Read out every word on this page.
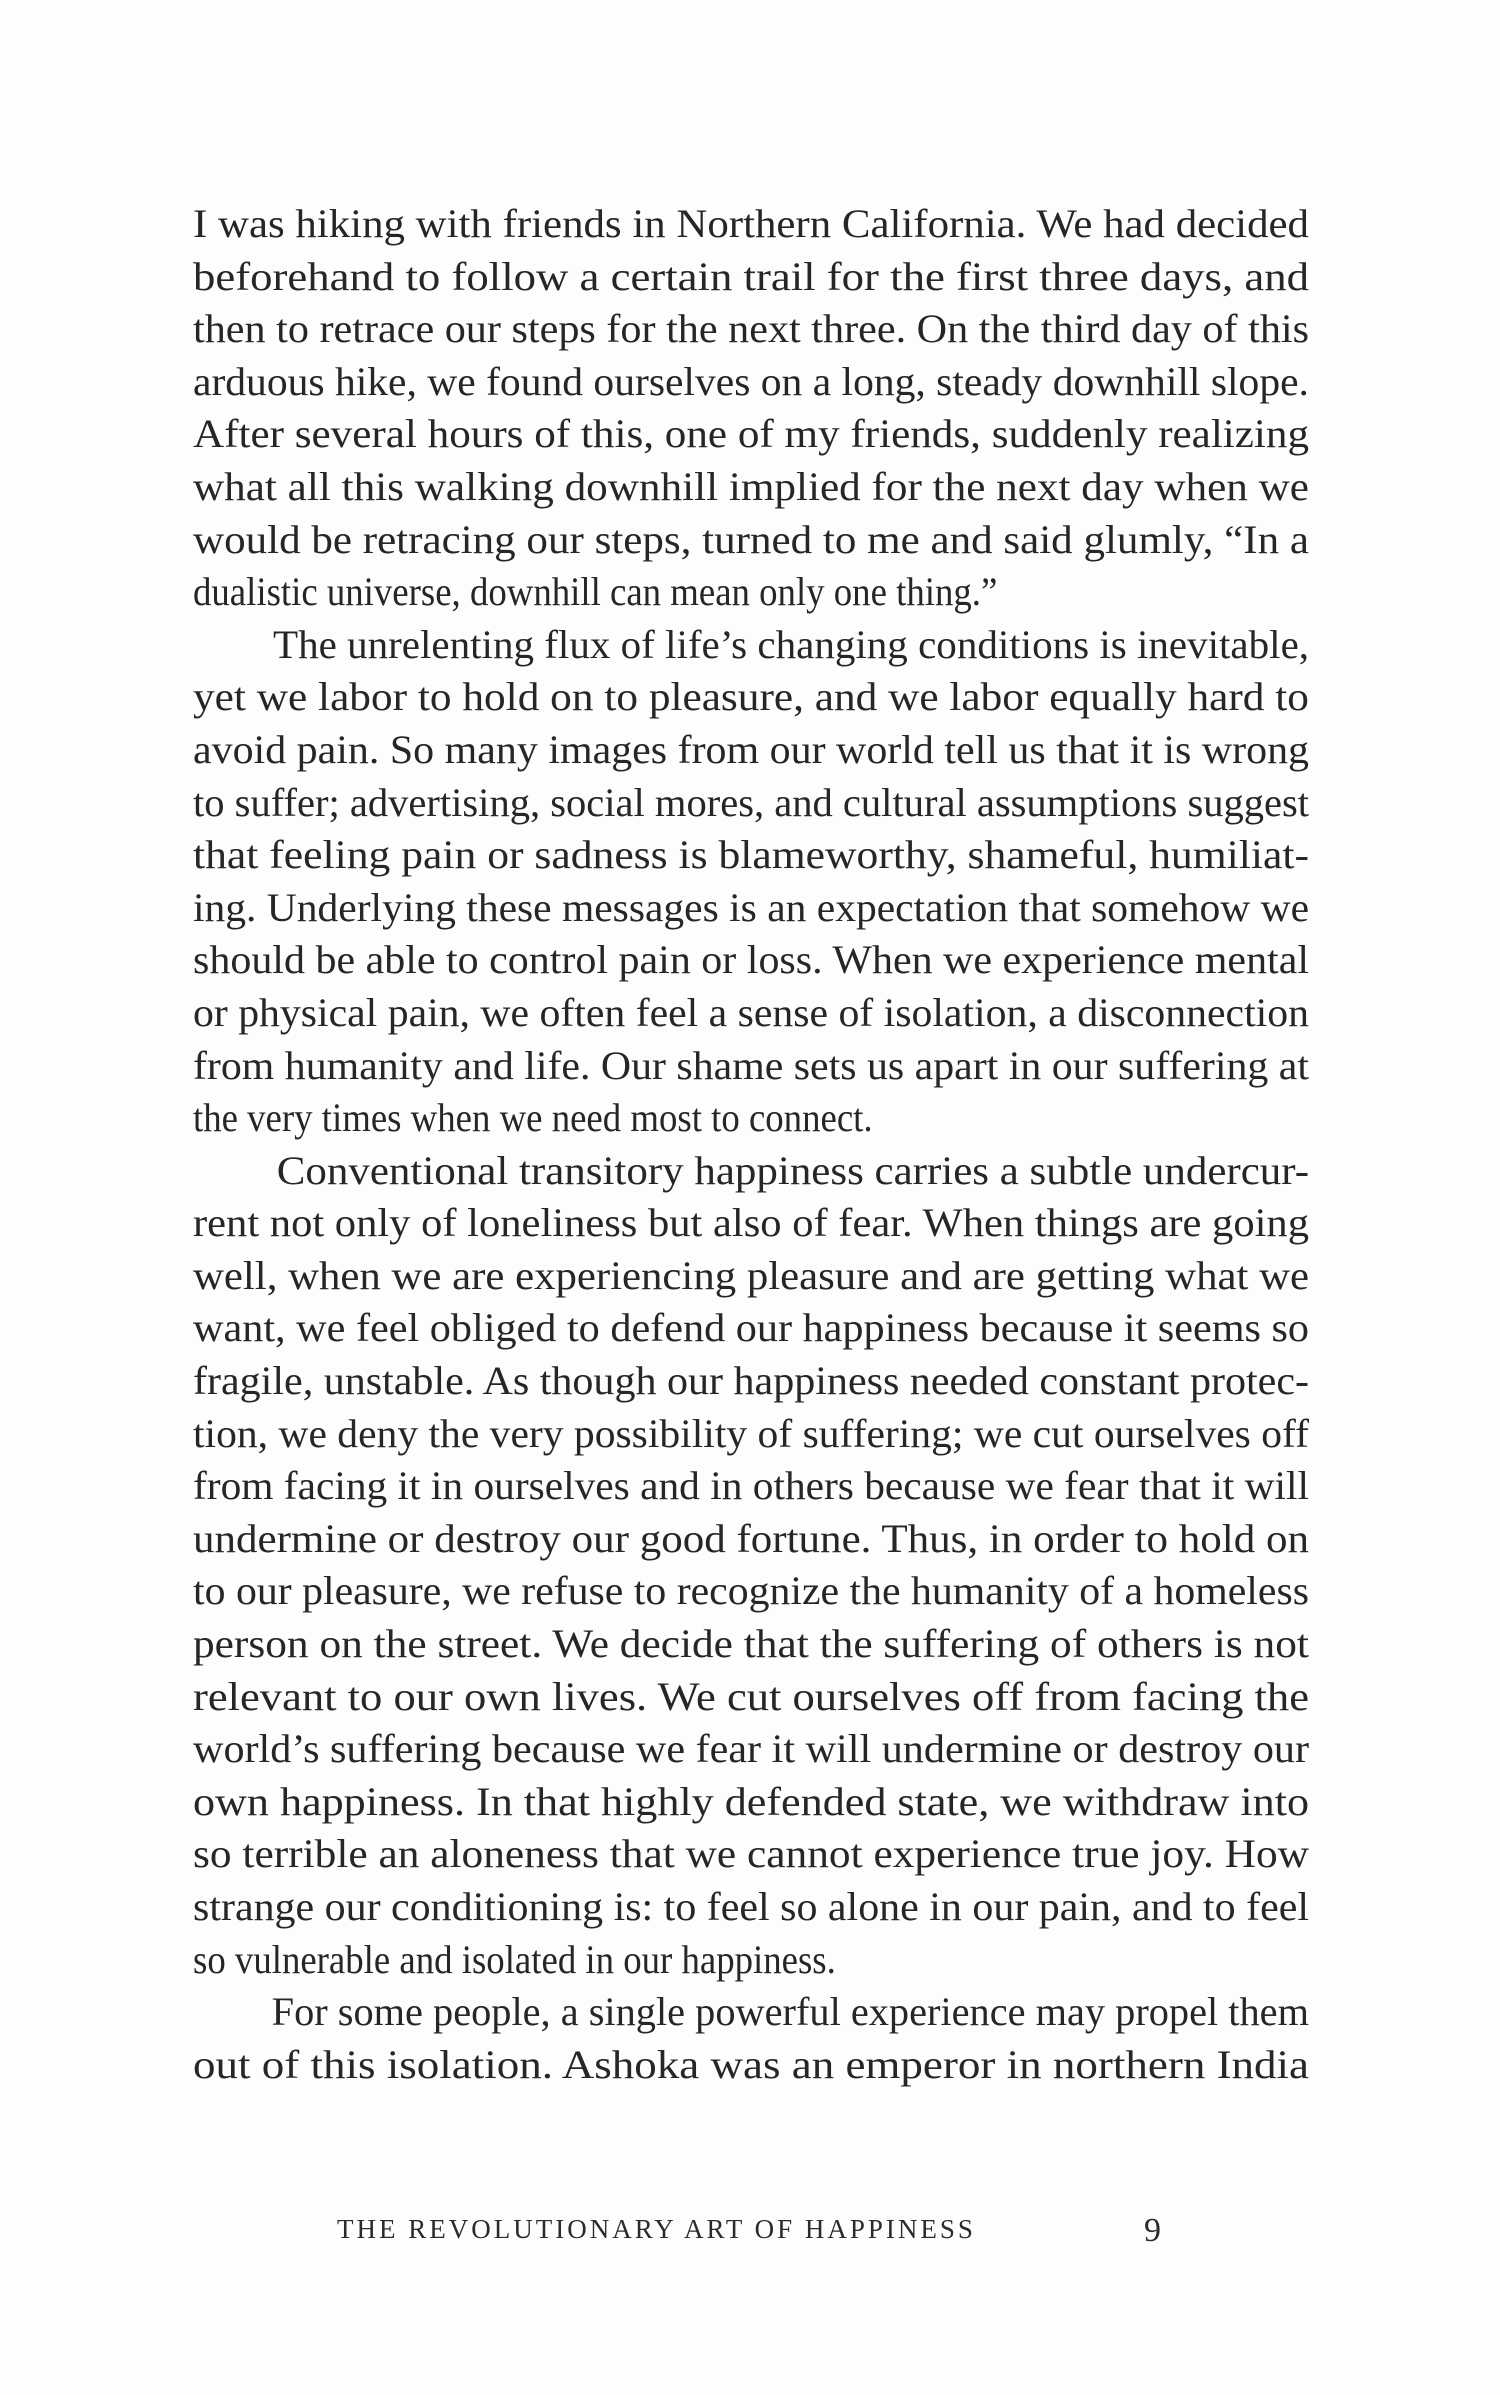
I was hiking with friends in Northern California. We had decided
beforehand to follow a certain trail for the first three days, and
then to retrace our steps for the next three. On the third day of this
arduous hike, we found ourselves on a long, steady downhill slope.
After several hours of this, one of my friends, suddenly realizing
what all this walking downhill implied for the next day when we
would be retracing our steps, turned to me and said glumly, “In a
dualistic universe, downhill can mean only one thing.”
The unrelenting flux of life’s changing conditions is inevitable,
yet we labor to hold on to pleasure, and we labor equally hard to
avoid pain. So many images from our world tell us that it is wrong
to suffer; advertising, social mores, and cultural assumptions suggest
that feeling pain or sadness is blameworthy, shameful, humiliat-
ing. Underlying these messages is an expectation that somehow we
should be able to control pain or loss. When we experience mental
or physical pain, we often feel a sense of isolation, a disconnection
from humanity and life. Our shame sets us apart in our suffering at
the very times when we need most to connect.
Conventional transitory happiness carries a subtle undercur-
rent not only of loneliness but also of fear. When things are going
well, when we are experiencing pleasure and are getting what we
want, we feel obliged to defend our happiness because it seems so
fragile, unstable. As though our happiness needed constant protec-
tion, we deny the very possibility of suffering; we cut ourselves off
from facing it in ourselves and in others because we fear that it will
undermine or destroy our good fortune. Thus, in order to hold on
to our pleasure, we refuse to recognize the humanity of a homeless
person on the street. We decide that the suffering of others is not
relevant to our own lives. We cut ourselves off from facing the
world’s suffering because we fear it will undermine or destroy our
own happiness. In that highly defended state, we withdraw into
so terrible an aloneness that we cannot experience true joy. How
strange our conditioning is: to feel so alone in our pain, and to feel
so vulnerable and isolated in our happiness.
For some people, a single powerful experience may propel them
out of this isolation. Ashoka was an emperor in northern India
THE REVOLUTIONARY ART OF HAPPINESS	9
